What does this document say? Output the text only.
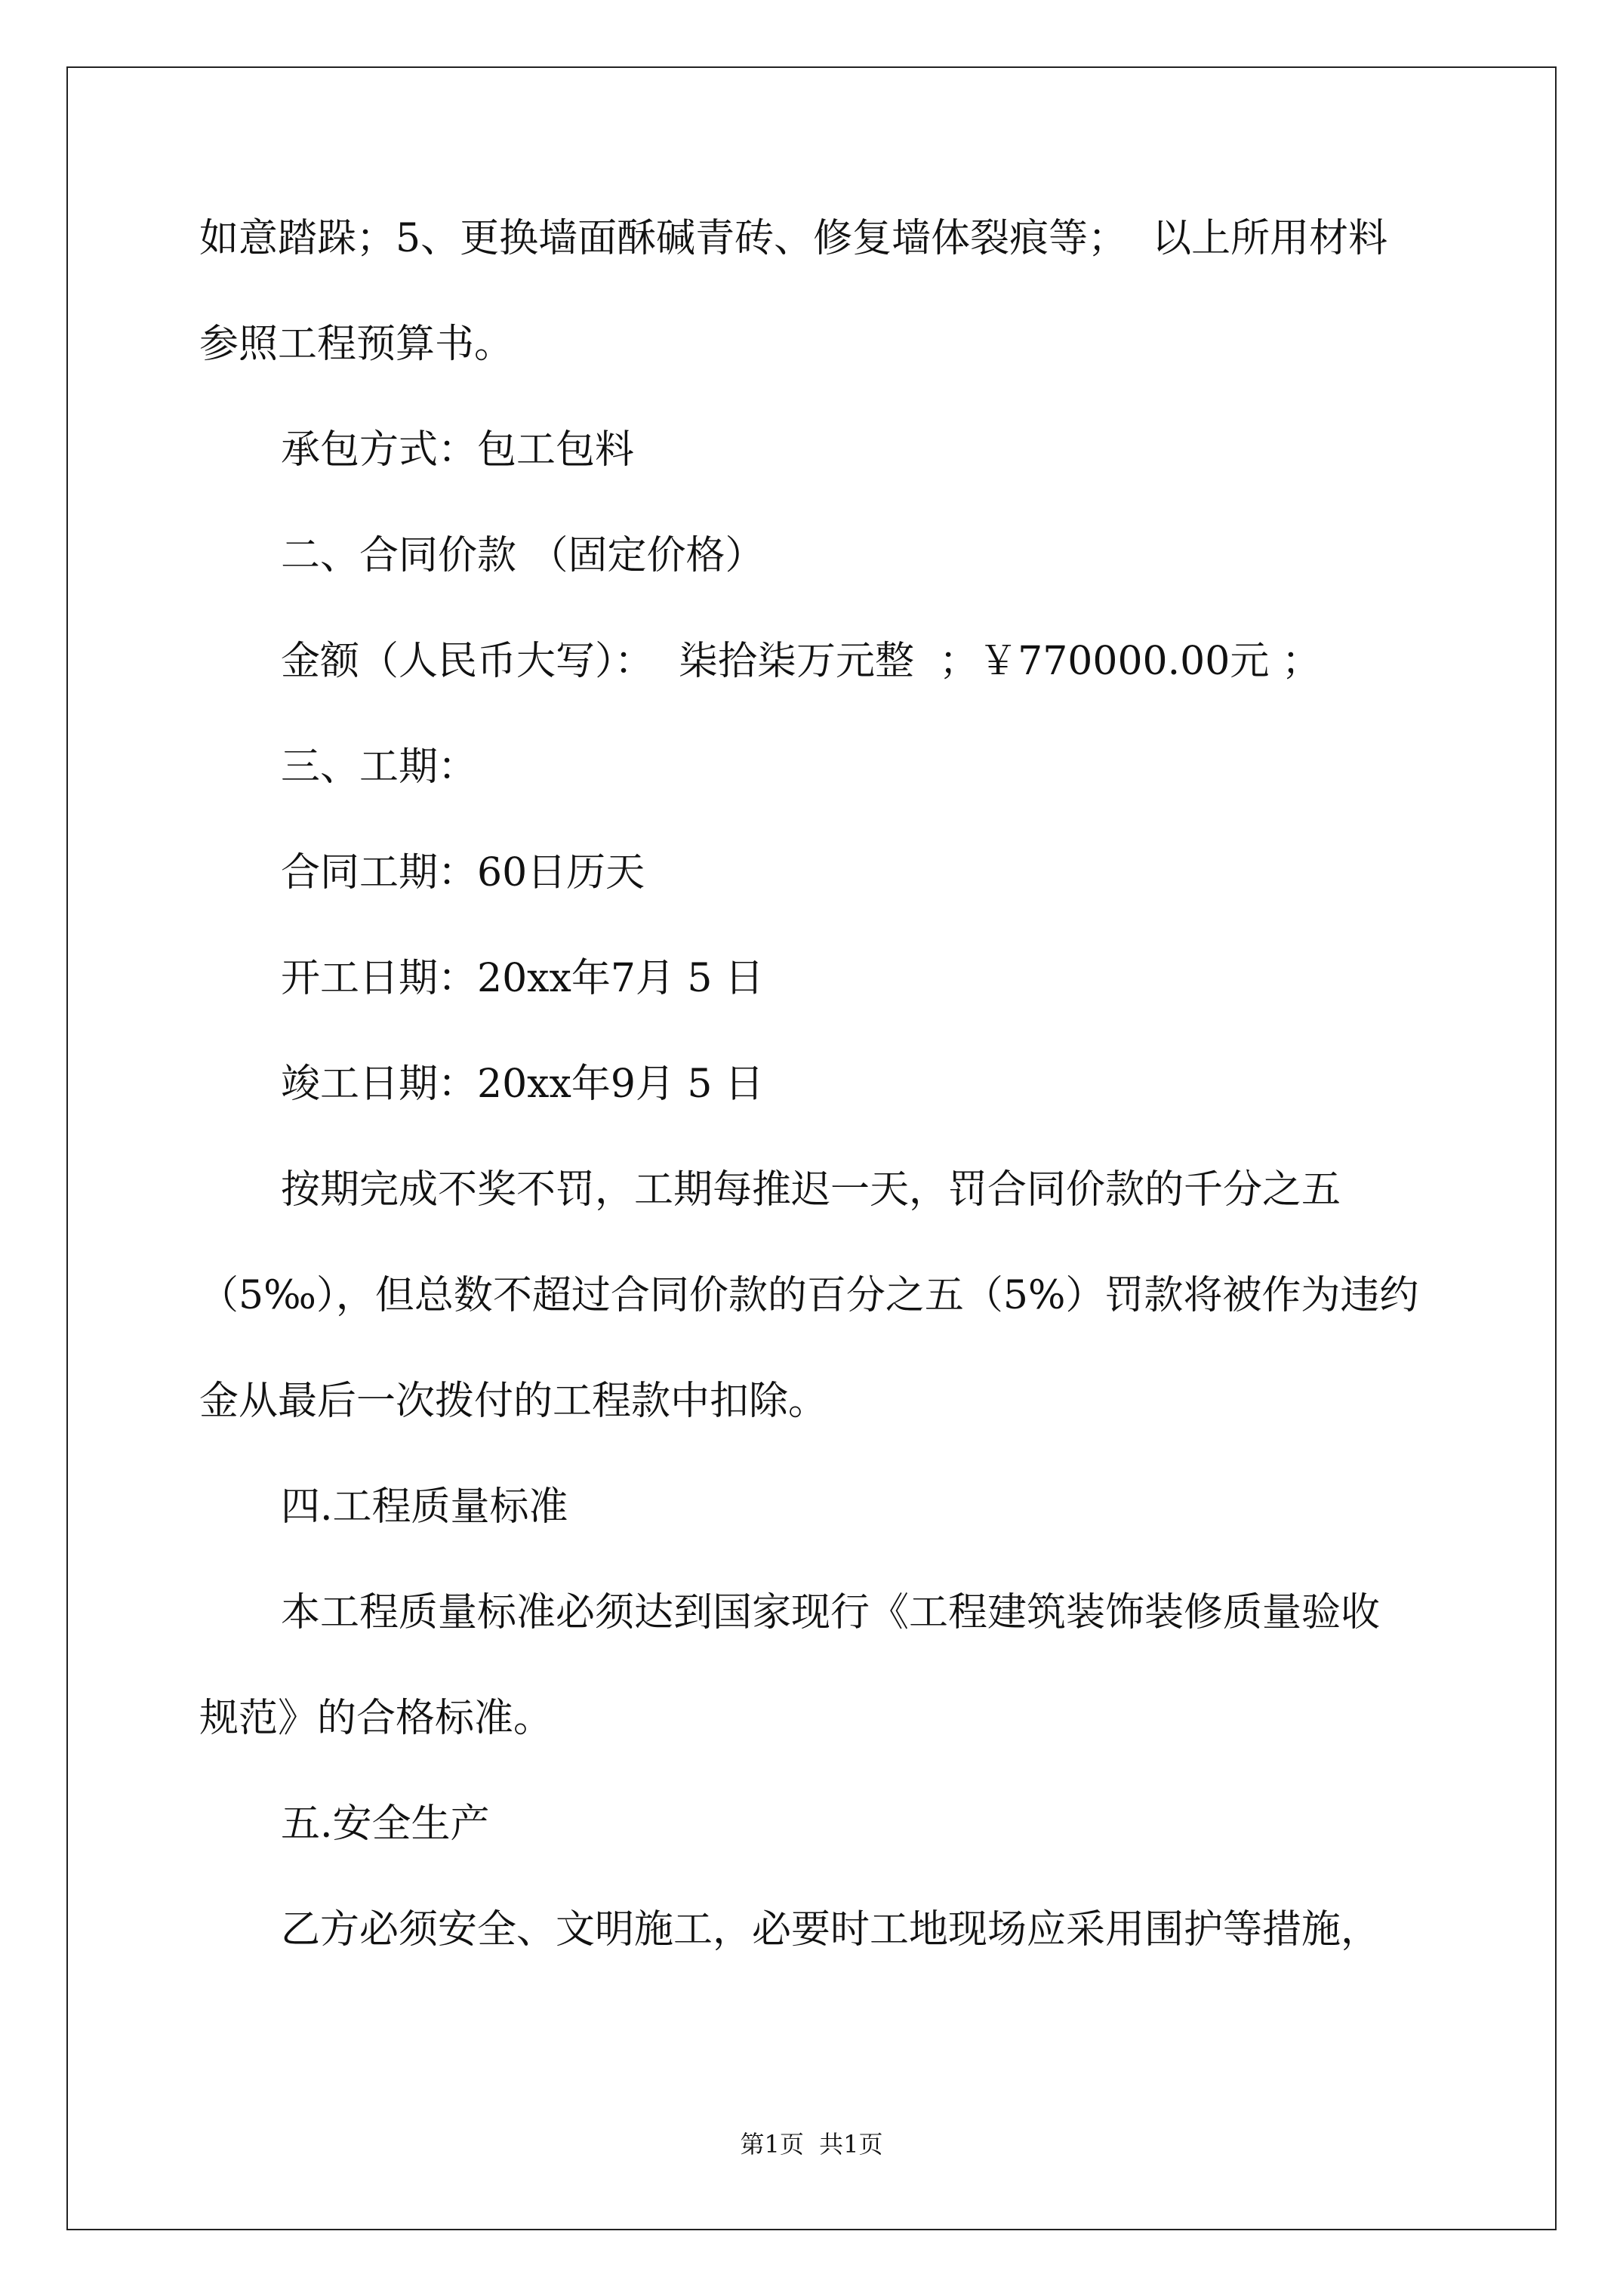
如意踏跺；5、更换墙面酥碱青砖、修复墙体裂痕等；  以上所用材料
参照工程预算书。
承包方式：包工包料
二、合同价款 （固定价格）
金额（人民币大写）：  柒拾柒万元整  ；￥770000.00元 ；
三、工期：
合同工期：60日历天
开工日期：20xx年7月 5 日
竣工日期：20xx年9月 5 日
按期完成不奖不罚，工期每推迟一天，罚合同价款的千分之五
（5‰），但总数不超过合同价款的百分之五（5%）罚款将被作为违约
金从最后一次拨付的工程款中扣除。
四.工程质量标准
本工程质量标准必须达到国家现行《工程建筑装饰装修质量验收
规范》的合格标准。
五.安全生产
乙方必须安全、文明施工，必要时工地现场应采用围护等措施，
第1页  共1页
